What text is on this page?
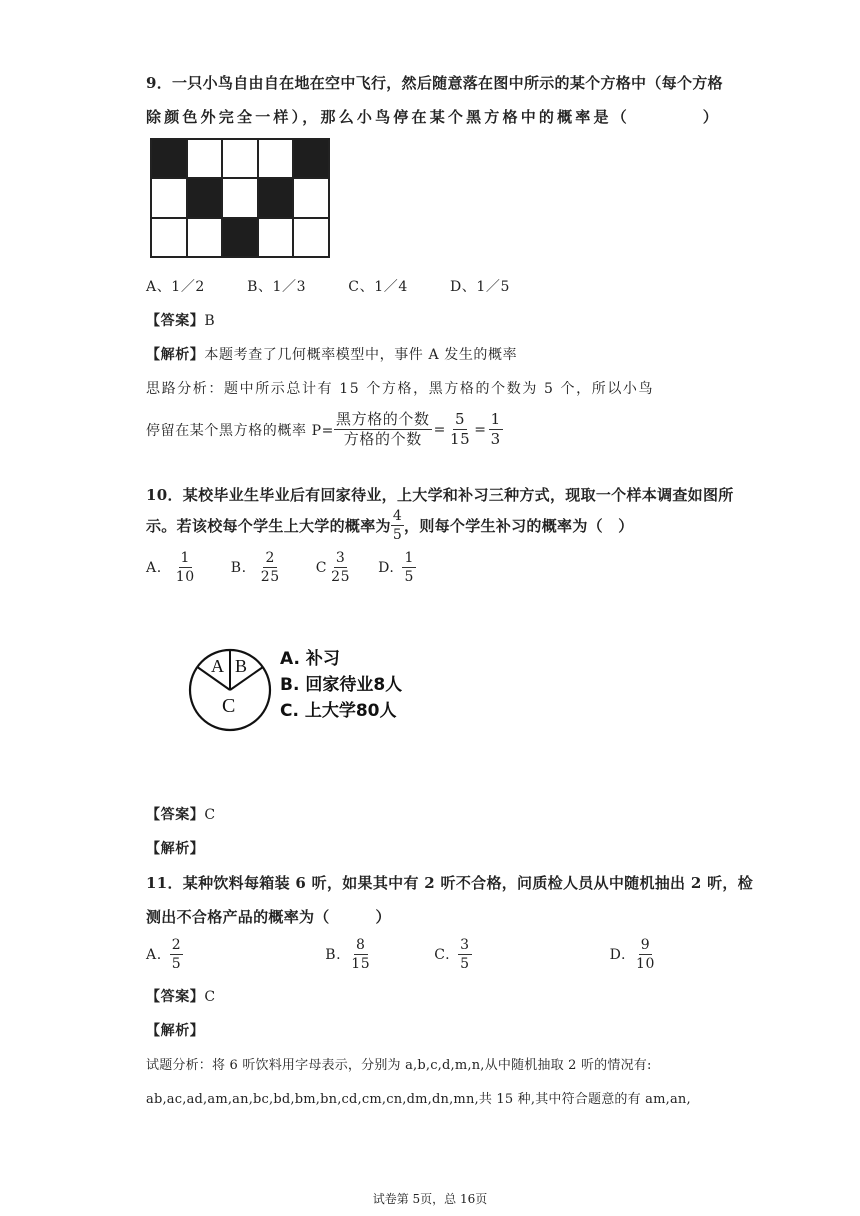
9．一只小鸟自由自在地在空中飞行，然后随意落在图中所示的某个方格中（每个方格
除颜色外完全一样），那么小鸟停在某个黑方格中的概率是（　　　　）
A、1／2	B、1／3	C、1／4	D、1／5
【答案】B
【解析】本题考查了几何概率模型中，事件 A 发生的概率
思路分析：题中所示总计有 15 个方格，黑方格的个数为 5 个，所以小鸟
停留在某个黑方格的概率 $P= \frac{\text{黑方格的个数}}{\text{方格的个数}} = \frac{5}{15} = \frac{1}{3}$
10．某校毕业生毕业后有回家待业，上大学和补习三种方式，现取一个样本调查如图所
示。若该校每个学生上大学的概率为 $\frac{4}{5}$ ，则每个学生补习的概率为（　）
A. $\frac{1}{10} B$. $\frac{2}{25}$ C $\frac{3}{25} D$. $\frac{1}{5}$
A B
C
A. 补习
B. 回家待业8人
C. 上大学80人
【答案】C
【解析】
11．某种饮料每箱装 6 听，如果其中有 2 听不合格，问质检人员从中随机抽出 2 听，检
测出不合格产品的概率为（　　　）
A. $\frac{2}{5}$	B. $\frac{8}{15}$	C. $\frac{3}{5}$	D. $\frac{9}{10}$
【答案】C
【解析】
试题分析：将 6 听饮料用字母表示，分别为 a,b,c,d,m,n,从中随机抽取 2 听的情况有:
ab,ac,ad,am,an,bc,bd,bm,bn,cd,cm,cn,dm,dn,mn,共 15 种,其中符合题意的有 am,an,
试卷第 5页，总 16页
